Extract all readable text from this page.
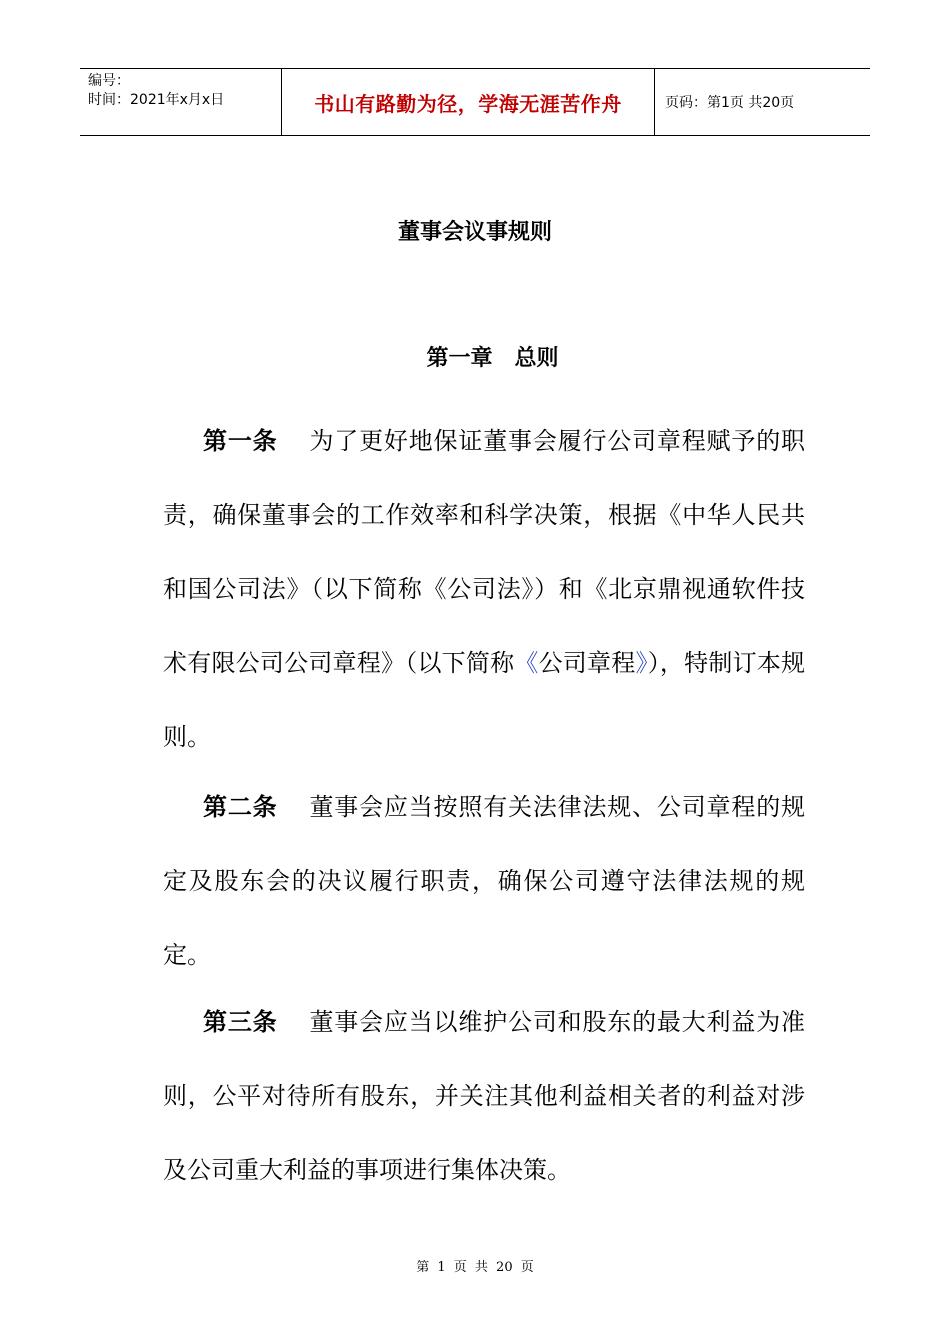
编号：
时间：2021年x月x日	书山有路勤为径，学海无涯苦作舟	页码：第1页 共20页
董事会议事规则
第一章　总则
第一条 为了更好地保证董事会履行公司章程赋予的职责，确保董事会的工作效率和科学决策，根据《中华人民共和国公司法》（以下简称《公司法》）和《北京鼎视通软件技术有限公司公司章程》（以下简称《公司章程》），特制订本规则。
第二条 董事会应当按照有关法律法规、公司章程的规定及股东会的决议履行职责，确保公司遵守法律法规的规定。
第三条 董事会应当以维护公司和股东的最大利益为准则，公平对待所有股东，并关注其他利益相关者的利益对涉及公司重大利益的事项进行集体决策。
第 1 页 共 20 页
